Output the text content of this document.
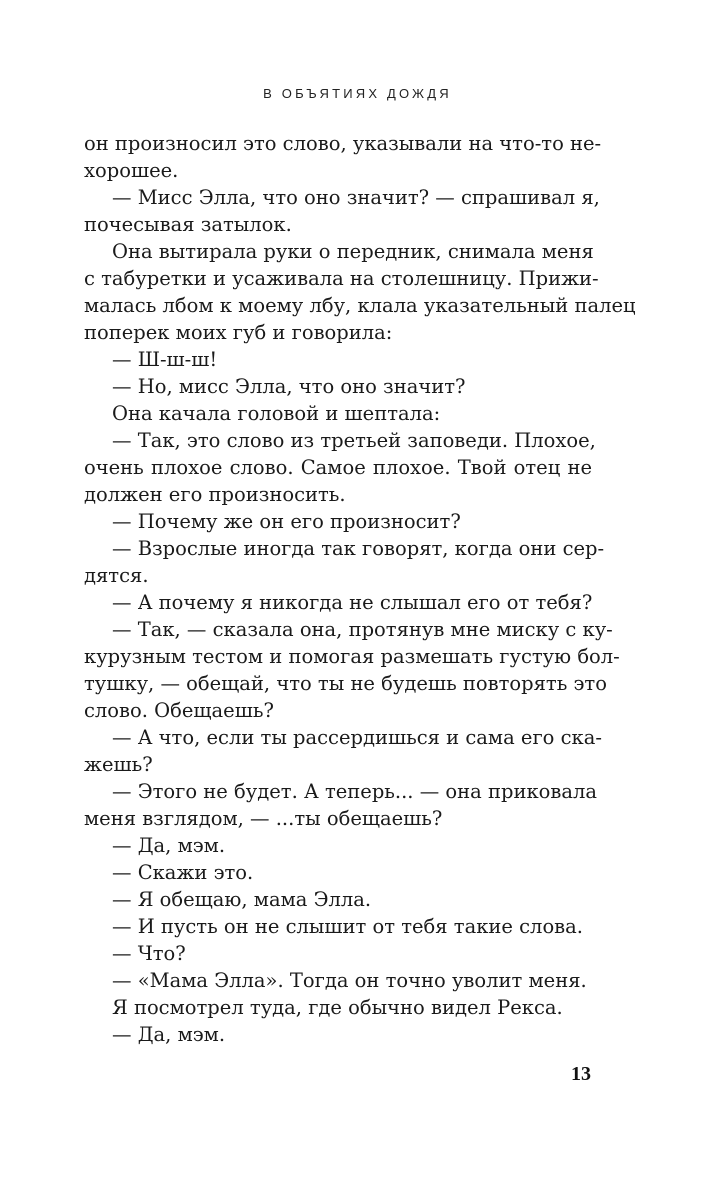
В ОБЪЯТИЯХ ДОЖДЯ
он произносил это слово, указывали на что-то не-
хорошее.
— Мисс Элла, что оно значит? — спрашивал я,
почесывая затылок.
Она вытирала руки о передник, снимала меня
с табуретки и усаживала на столешницу. Прижи-
малась лбом к моему лбу, клала указательный палец
поперек моих губ и говорила:
— Ш-ш-ш!
— Но, мисс Элла, что оно значит?
Она качала головой и шептала:
— Так, это слово из третьей заповеди. Плохое,
очень плохое слово. Самое плохое. Твой отец не
должен его произносить.
— Почему же он его произносит?
— Взрослые иногда так говорят, когда они сер-
дятся.
— А почему я никогда не слышал его от тебя?
— Так, — сказала она, протянув мне миску с ку-
курузным тестом и помогая размешать густую бол-
тушку, — обещай, что ты не будешь повторять это
слово. Обещаешь?
— А что, если ты рассердишься и сама его ска-
жешь?
— Этого не будет. А теперь... — она приковала
меня взглядом, — ...ты обещаешь?
— Да, мэм.
— Скажи это.
— Я обещаю, мама Элла.
— И пусть он не слышит от тебя такие слова.
— Что?
— «Мама Элла». Тогда он точно уволит меня.
Я посмотрел туда, где обычно видел Рекса.
— Да, мэм.
13
